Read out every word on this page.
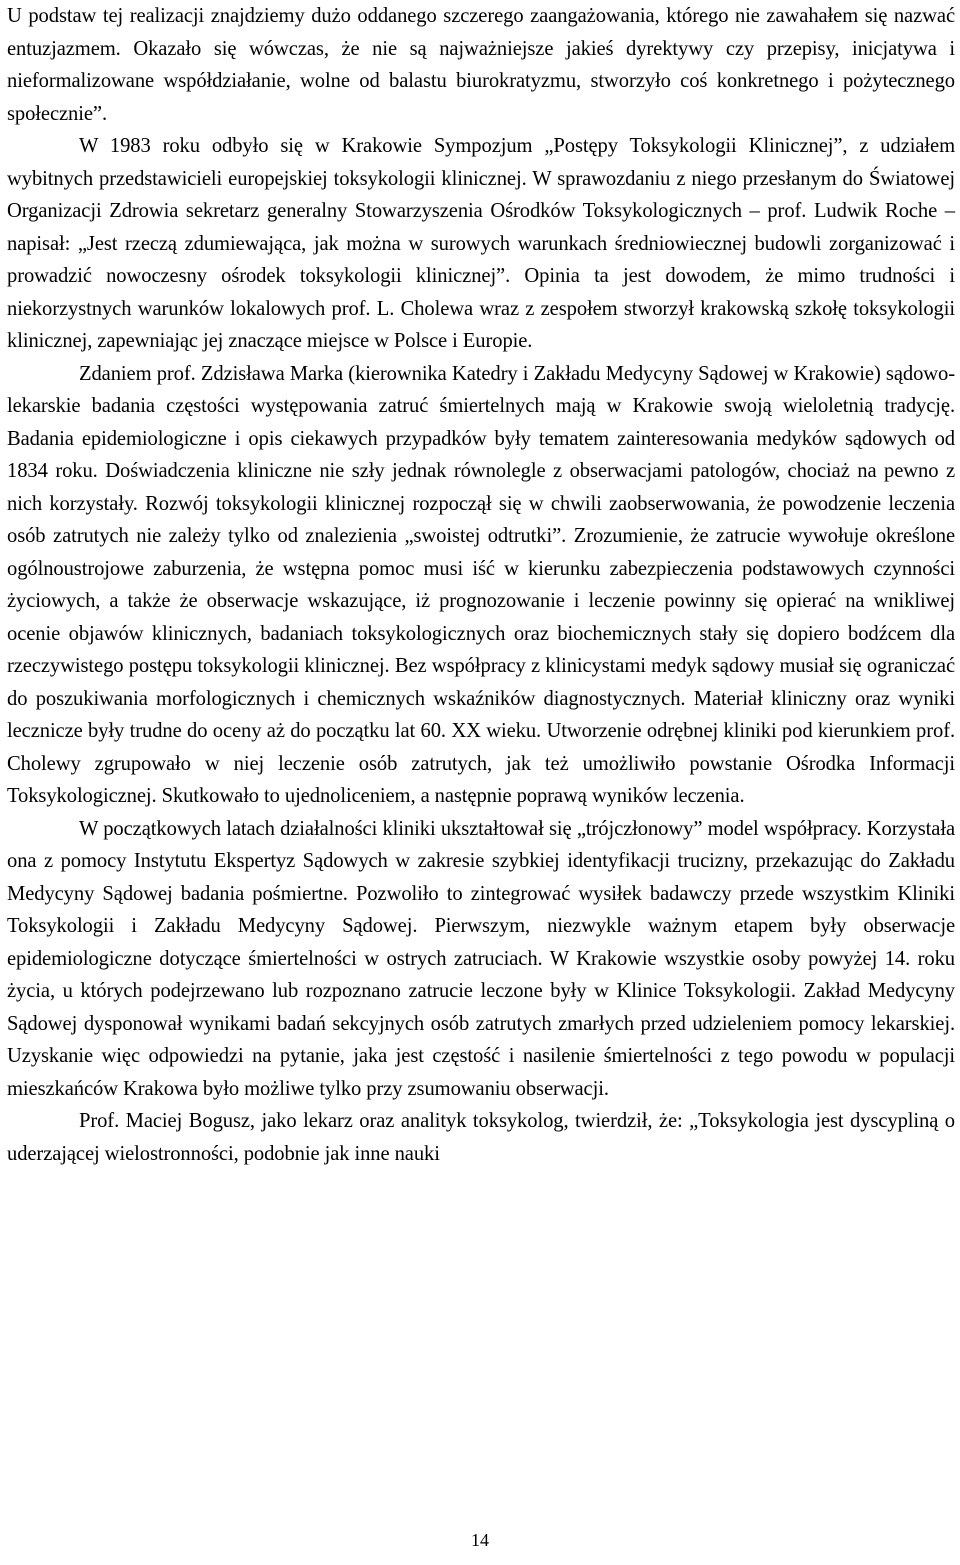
U podstaw tej realizacji znajdziemy dużo oddanego szczerego zaangażowania, którego nie zawahałem się nazwać entuzjazmem. Okazało się wówczas, że nie są najważniejsze jakieś dyrektywy czy przepisy, inicjatywa i nieformalizowane współdziałanie, wolne od balastu biurokratyzmu, stworzyło coś konkretnego i pożytecznego społecznie”.

W 1983 roku odbyło się w Krakowie Sympozjum „Postępy Toksykologii Klinicznej”, z udziałem wybitnych przedstawicieli europejskiej toksykologii klinicznej. W sprawozdaniu z niego przesłanym do Światowej Organizacji Zdrowia sekretarz generalny Stowarzyszenia Ośrodków Toksykologicznych – prof. Ludwik Roche – napisał: „Jest rzeczą zdumiewająca, jak można w surowych warunkach średniowiecznej budowli zorganizować i prowadzić nowoczesny ośrodek toksykologii klinicznej”. Opinia ta jest dowodem, że mimo trudności i niekorzystnych warunków lokalowych prof. L. Cholewa wraz z zespołem stworzył krakowską szkołę toksykologii klinicznej, zapewniając jej znaczące miejsce w Polsce i Europie.

Zdaniem prof. Zdzisława Marka (kierownika Katedry i Zakładu Medycyny Sądowej w Krakowie) sądowo-lekarskie badania częstości występowania zatruć śmiertelnych mają w Krakowie swoją wieloletnią tradycję. Badania epidemiologiczne i opis ciekawych przypadków były tematem zainteresowania medyków sądowych od 1834 roku. Doświadczenia kliniczne nie szły jednak równolegle z obserwacjami patologów, chociaż na pewno z nich korzystały. Rozwój toksykologii klinicznej rozpoczął się w chwili zaobserwowania, że powodzenie leczenia osób zatrutych nie zależy tylko od znalezienia „swoistej odtrutki”. Zrozumienie, że zatrucie wywołuje określone ogólnoustrojowe zaburzenia, że wstępna pomoc musi iść w kierunku zabezpieczenia podstawowych czynności życiowych, a także że obserwacje wskazujące, iż prognozowanie i leczenie powinny się opierać na wnikliwej ocenie objawów klinicznych, badaniach toksykologicznych oraz biochemicznych stały się dopiero bodźcem dla rzeczywistego postępu toksykologii klinicznej. Bez współpracy z klinicystami medyk sądowy musiał się ograniczać do poszukiwania morfologicznych i chemicznych wskaźników diagnostycznych. Materiał kliniczny oraz wyniki lecznicze były trudne do oceny aż do początku lat 60. XX wieku. Utworzenie odrębnej kliniki pod kierunkiem prof. Cholewy zgrupowało w niej leczenie osób zatrutych, jak też umożliwiło powstanie Ośrodka Informacji Toksykologicznej. Skutkowało to ujednoliceniem, a następnie poprawą wyników leczenia.

W początkowych latach działalności kliniki ukształtował się „trójczłonowy” model współpracy. Korzystała ona z pomocy Instytutu Ekspertyz Sądowych w zakresie szybkiej identyfikacji trucizny, przekazując do Zakładu Medycyny Sądowej badania pośmiertne. Pozwoliło to zintegrować wysiłek badawczy przede wszystkim Kliniki Toksykologii i Zakładu Medycyny Sądowej. Pierwszym, niezwykle ważnym etapem były obserwacje epidemiologiczne dotyczące śmiertelności w ostrych zatruciach. W Krakowie wszystkie osoby powyżej 14. roku życia, u których podejrzewano lub rozpoznano zatrucie leczone były w Klinice Toksykologii. Zakład Medycyny Sądowej dysponował wynikami badań sekcyjnych osób zatrutych zmarłych przed udzieleniem pomocy lekarskiej. Uzyskanie więc odpowiedzi na pytanie, jaka jest częstość i nasilenie śmiertelności z tego powodu w populacji mieszkańców Krakowa było możliwe tylko przy zsumowaniu obserwacji.

Prof. Maciej Bogusz, jako lekarz oraz analityk toksykolog, twierdził, że: „Toksykologia jest dyscypliną o uderzającej wielostronności, podobnie jak inne nauki

14
